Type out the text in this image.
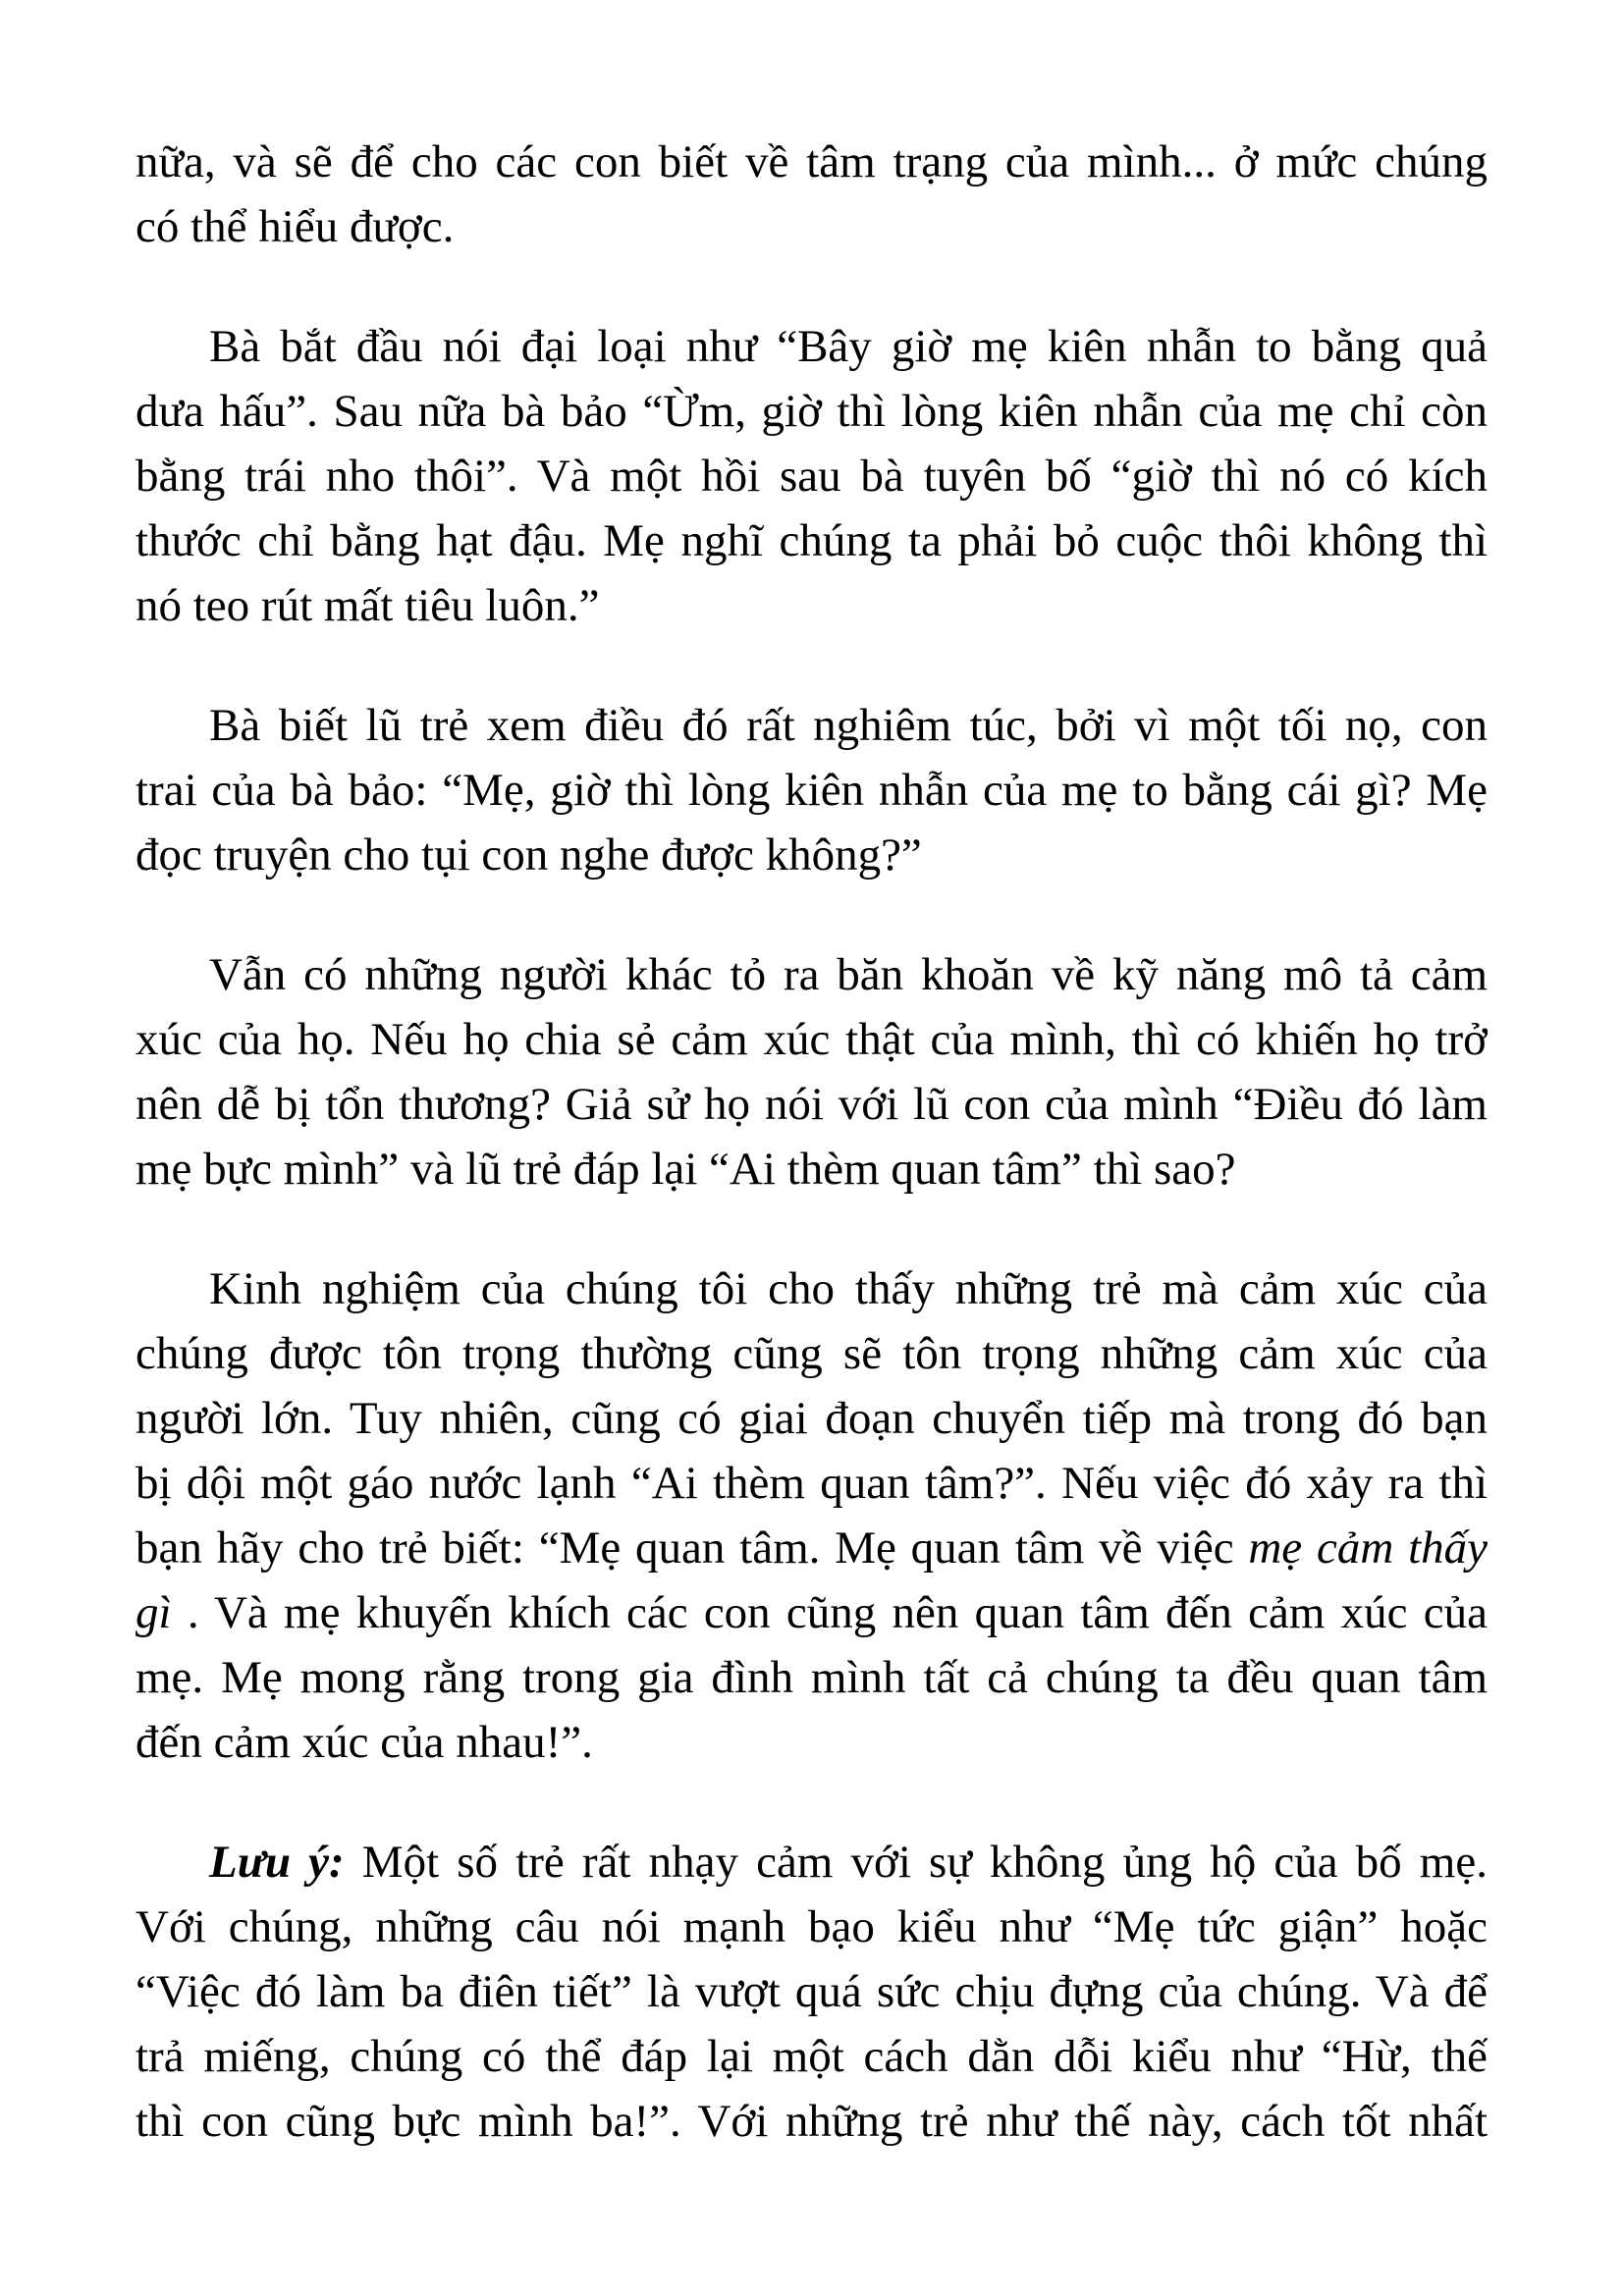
nữa, và sẽ để cho các con biết về tâm trạng của mình... ở mức chúng
có thể hiểu được.
Bà bắt đầu nói đại loại như “Bây giờ mẹ kiên nhẫn to bằng quả
dưa hấu”. Sau nữa bà bảo “Ừm, giờ thì lòng kiên nhẫn của mẹ chỉ còn
bằng trái nho thôi”. Và một hồi sau bà tuyên bố “giờ thì nó có kích
thước chỉ bằng hạt đậu. Mẹ nghĩ chúng ta phải bỏ cuộc thôi không thì
nó teo rút mất tiêu luôn.”
Bà biết lũ trẻ xem điều đó rất nghiêm túc, bởi vì một tối nọ, con
trai của bà bảo: “Mẹ, giờ thì lòng kiên nhẫn của mẹ to bằng cái gì? Mẹ
đọc truyện cho tụi con nghe được không?”
Vẫn có những người khác tỏ ra băn khoăn về kỹ năng mô tả cảm
xúc của họ. Nếu họ chia sẻ cảm xúc thật của mình, thì có khiến họ trở
nên dễ bị tổn thương? Giả sử họ nói với lũ con của mình “Điều đó làm
mẹ bực mình” và lũ trẻ đáp lại “Ai thèm quan tâm” thì sao?
Kinh nghiệm của chúng tôi cho thấy những trẻ mà cảm xúc của
chúng được tôn trọng thường cũng sẽ tôn trọng những cảm xúc của
người lớn. Tuy nhiên, cũng có giai đoạn chuyển tiếp mà trong đó bạn
bị dội một gáo nước lạnh “Ai thèm quan tâm?”. Nếu việc đó xảy ra thì
bạn hãy cho trẻ biết: “Mẹ quan tâm. Mẹ quan tâm về việc mẹ cảm thấy
gì . Và mẹ khuyến khích các con cũng nên quan tâm đến cảm xúc của
mẹ. Mẹ mong rằng trong gia đình mình tất cả chúng ta đều quan tâm
đến cảm xúc của nhau!”.
Lưu ý: Một số trẻ rất nhạy cảm với sự không ủng hộ của bố mẹ.
Với chúng, những câu nói mạnh bạo kiểu như “Mẹ tức giận” hoặc
“Việc đó làm ba điên tiết” là vượt quá sức chịu đựng của chúng. Và để
trả miếng, chúng có thể đáp lại một cách dằn dỗi kiểu như “Hừ, thế
thì con cũng bực mình ba!”. Với những trẻ như thế này, cách tốt nhất
